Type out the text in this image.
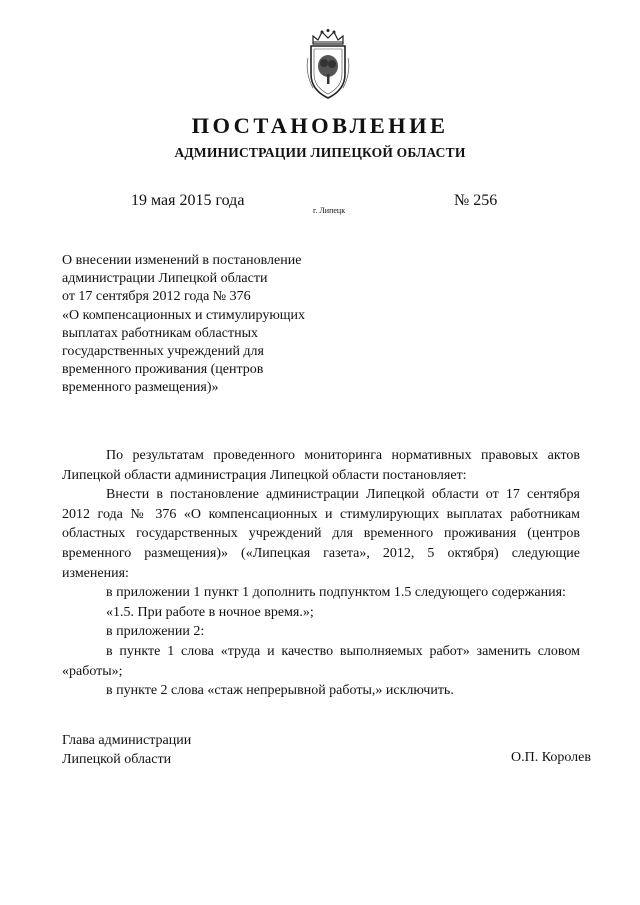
ПОСТАНОВЛЕНИЕ
АДМИНИСТРАЦИИ ЛИПЕЦКОЙ ОБЛАСТИ
19 мая 2015 года
г. Липецк
№ 256
О внесении изменений в постановление
администрации Липецкой области
от 17 сентября 2012 года № 376
«О компенсационных и стимулирующих
выплатах работникам областных
государственных учреждений для
временного проживания (центров
временного размещения)»

По результатам проведенного мониторинга нормативных правовых актов Липецкой области администрация Липецкой области постановляет:

Внести в постановление администрации Липецкой области от 17 сентября 2012 года № 376 «О компенсационных и стимулирующих выплатах работникам областных государственных учреждений для временного проживания (центров временного размещения)» («Липецкая газета», 2012, 5 октября) следующие изменения:

в приложении 1 пункт 1 дополнить подпунктом 1.5 следующего содержания:

«1.5. При работе в ночное время.»;

в приложении 2:

в пункте 1 слова «труда и качество выполняемых работ» заменить словом «работы»;

в пункте 2 слова «стаж непрерывной работы,» исключить.

Глава администрации
Липецкой области	О.П. Королев
